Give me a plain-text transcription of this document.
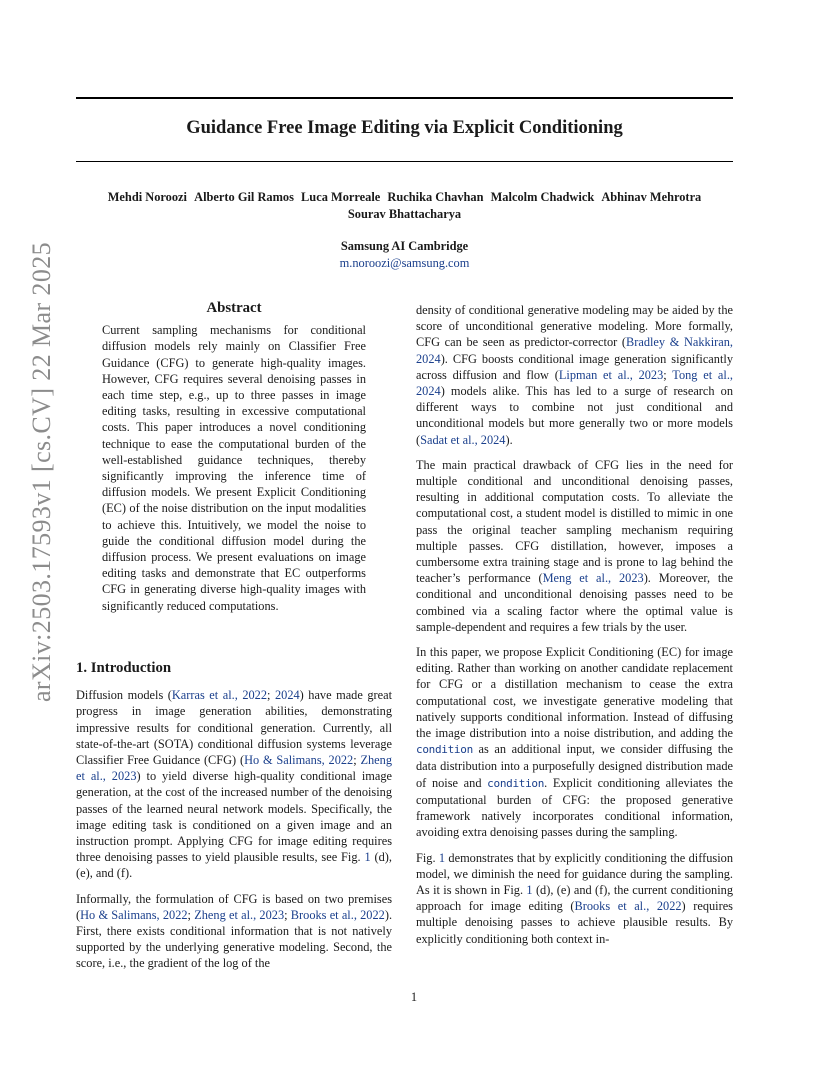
arXiv:2503.17593v1 [cs.CV] 22 Mar 2025
Guidance Free Image Editing via Explicit Conditioning
Mehdi Noroozi Alberto Gil Ramos Luca Morreale Ruchika Chavhan Malcolm Chadwick Abhinav Mehrotra
Sourav Bhattacharya
Samsung AI Cambridge
m.noroozi@samsung.com
Abstract

Current sampling mechanisms for conditional diffusion models rely mainly on Classifier Free Guidance (CFG) to generate high-quality images. However, CFG requires several denoising passes in each time step, e.g., up to three passes in image editing tasks, resulting in excessive computational costs. This paper introduces a novel conditioning technique to ease the computational burden of the well-established guidance techniques, thereby significantly improving the inference time of diffusion models. We present Explicit Conditioning (EC) of the noise distribution on the input modalities to achieve this. Intuitively, we model the noise to guide the conditional diffusion model during the diffusion process. We present evaluations on image editing tasks and demonstrate that EC outperforms CFG in generating diverse high-quality images with significantly reduced computations.

1. Introduction

Diffusion models (Karras et al., 2022; 2024) have made great progress in image generation abilities, demonstrating impressive results for conditional generation. Currently, all state-of-the-art (SOTA) conditional diffusion systems leverage Classifier Free Guidance (CFG) (Ho & Salimans, 2022; Zheng et al., 2023) to yield diverse high-quality conditional image generation, at the cost of the increased number of the denoising passes of the learned neural network models. Specifically, the image editing task is conditioned on a given image and an instruction prompt. Applying CFG for image editing requires three denoising passes to yield plausible results, see Fig. 1 (d), (e), and (f).

Informally, the formulation of CFG is based on two premises (Ho & Salimans, 2022; Zheng et al., 2023; Brooks et al., 2022). First, there exists conditional information that is not natively supported by the underlying generative modeling. Second, the score, i.e., the gradient of the log of the

density of conditional generative modeling may be aided by the score of unconditional generative modeling. More formally, CFG can be seen as predictor-corrector (Bradley & Nakkiran, 2024). CFG boosts conditional image generation significantly across diffusion and flow (Lipman et al., 2023; Tong et al., 2024) models alike. This has led to a surge of research on different ways to combine not just conditional and unconditional models but more generally two or more models (Sadat et al., 2024).

The main practical drawback of CFG lies in the need for multiple conditional and unconditional denoising passes, resulting in additional computation costs. To alleviate the computational cost, a student model is distilled to mimic in one pass the original teacher sampling mechanism requiring multiple passes. CFG distillation, however, imposes a cumbersome extra training stage and is prone to lag behind the teacher’s performance (Meng et al., 2023). Moreover, the conditional and unconditional denoising passes need to be combined via a scaling factor where the optimal value is sample-dependent and requires a few trials by the user.

In this paper, we propose Explicit Conditioning (EC) for image editing. Rather than working on another candidate replacement for CFG or a distillation mechanism to cease the extra computational cost, we investigate generative modeling that natively supports conditional information. Instead of diffusing the image distribution into a noise distribution, and adding the condition as an additional input, we consider diffusing the data distribution into a purposefully designed distribution made of noise and condition. Explicit conditioning alleviates the computational burden of CFG: the proposed generative framework natively incorporates conditional information, avoiding extra denoising passes during the sampling.

Fig. 1 demonstrates that by explicitly conditioning the diffusion model, we diminish the need for guidance during the sampling. As it is shown in Fig. 1 (d), (e) and (f), the current conditioning approach for image editing (Brooks et al., 2022) requires multiple denoising passes to achieve plausible results. By explicitly conditioning both context in-

1
